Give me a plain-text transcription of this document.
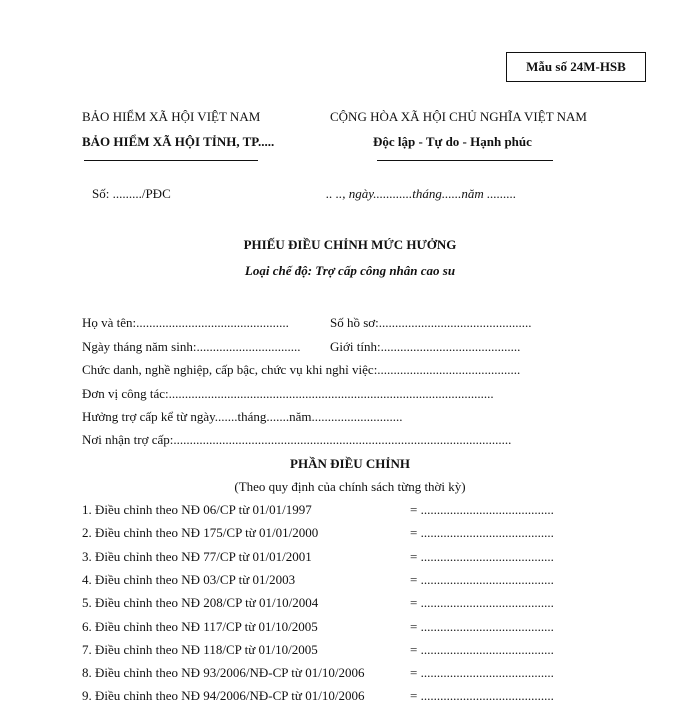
Mẫu số 24M-HSB
BẢO HIỂM XÃ HỘI VIỆT NAM
BẢO HIỂM XÃ HỘI TỈNH, TP.....
CỘNG HÒA XÃ HỘI CHỦ NGHĨA VIỆT NAM
Độc lập - Tự do - Hạnh phúc
Số: ........./PĐC	.. .., ngày............tháng......năm .........
PHIẾU ĐIỀU CHỈNH MỨC HƯỞNG
Loại chế độ: Trợ cấp công nhân cao su
Họ và tên:...............................................	Số hồ sơ:...............................................
Ngày tháng năm sinh:................................ Giới tính:...........................................
Chức danh, nghề nghiệp, cấp bậc, chức vụ khi nghỉ việc:............................................
Đơn vị công tác:....................................................................................................
Hưởng trợ cấp kể từ ngày.......tháng.......năm............................
Nơi nhận trợ cấp:........................................................................................................
PHẦN ĐIỀU CHỈNH
(Theo quy định của chính sách từng thời kỳ)
1. Điều chỉnh theo NĐ 06/CP từ 01/01/1997	= .........................................
2. Điều chỉnh theo NĐ 175/CP từ 01/01/2000	= .........................................
3. Điều chỉnh theo NĐ 77/CP từ 01/01/2001	= .........................................
4. Điều chỉnh theo NĐ 03/CP từ 01/2003	= .........................................
5. Điều chỉnh theo NĐ 208/CP từ 01/10/2004	= .........................................
6. Điều chỉnh theo NĐ 117/CP từ 01/10/2005	= .........................................
7. Điều chỉnh theo NĐ 118/CP từ 01/10/2005	= .........................................
8. Điều chỉnh theo NĐ 93/2006/NĐ-CP từ 01/10/2006	= .........................................
9. Điều chỉnh theo NĐ 94/2006/NĐ-CP từ 01/10/2006	= .........................................
